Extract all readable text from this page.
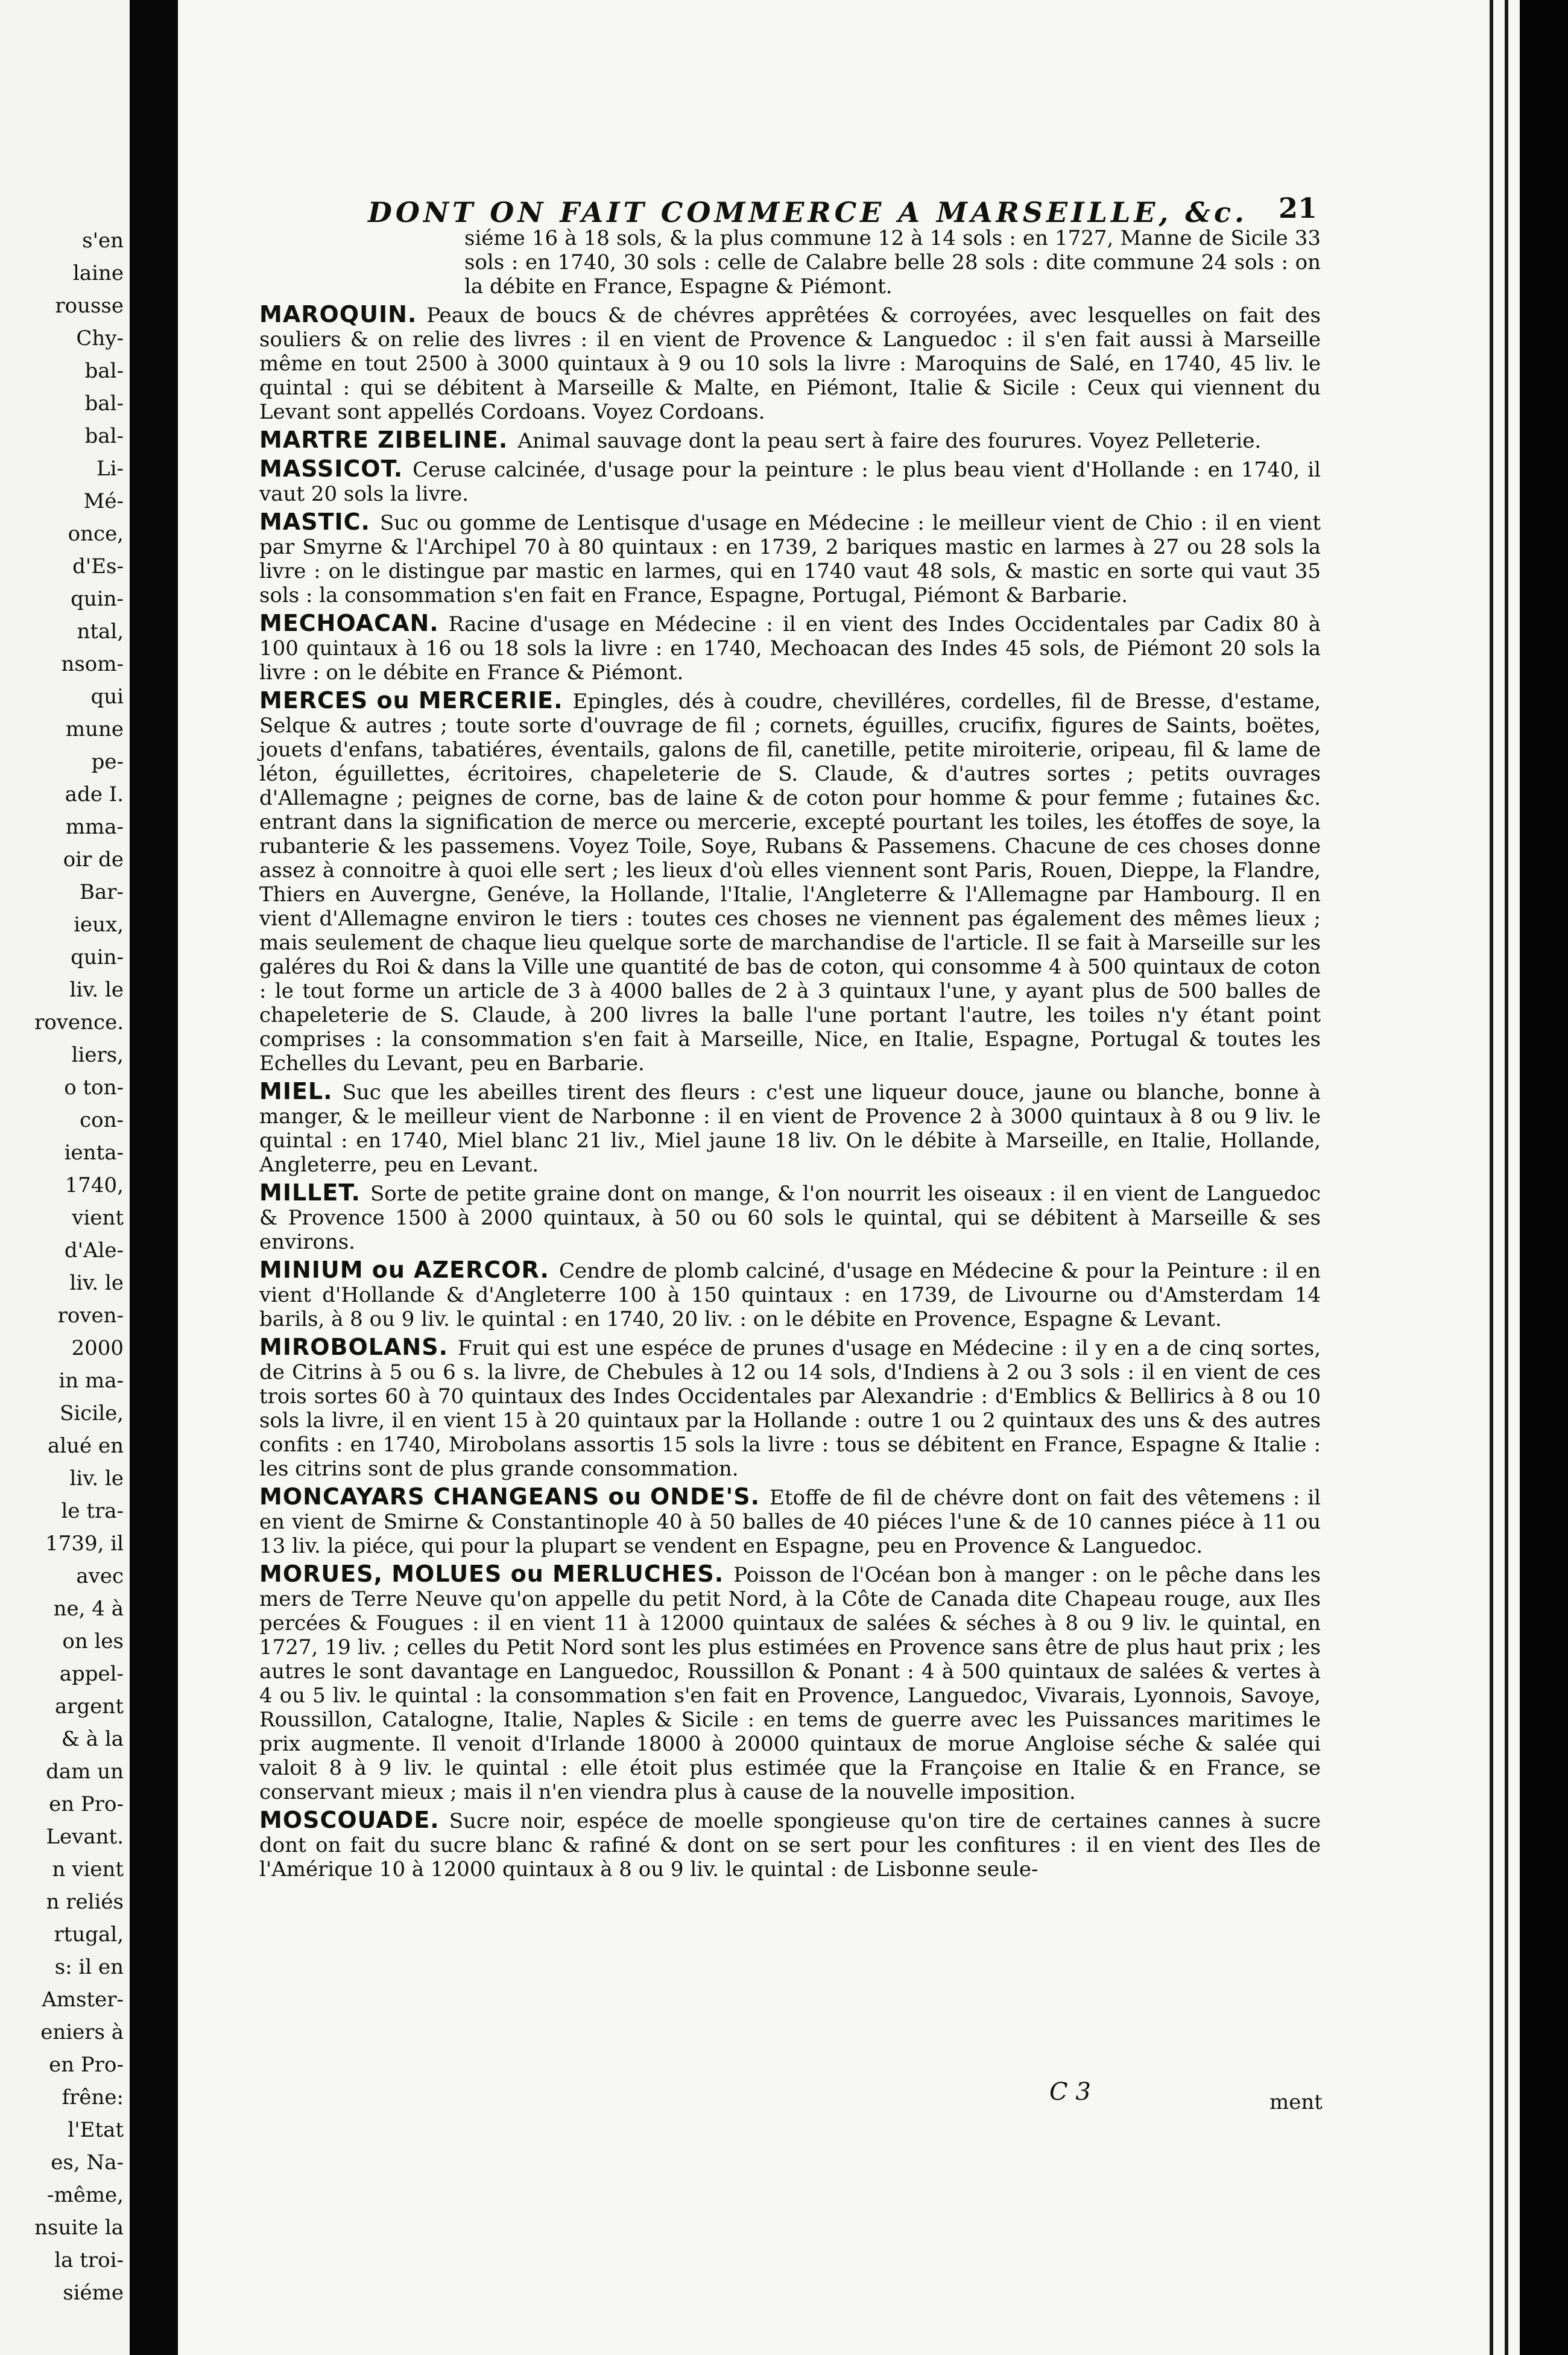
s'en
laine
rousse
Chy-
bal-
bal-
bal-
Li-
Mé-
once,
d'Es-
quin-
ntal,
nsom-
qui
mune
pe-
ade I.
mma-
oir de
Bar-
ieux,
quin-
liv. le
rovence.
liers,
o ton-
con-
ienta-
1740,
vient
d'Ale-
liv. le
roven-
2000
in ma-
Sicile,
alué en
liv. le
le tra-
1739, il
avec
ne, 4 à
on les
appel-
argent
& à la
dam un
en Pro-
Levant.
n vient
n reliés
rtugal,
s: il en
Amster-
eniers à
en Pro-
frêne:
l'Etat
es, Na-
-même,
nsuite la
la troi-
siéme
DONT ON FAIT COMMERCE A MARSEILLE, &c.	21
siéme 16 à 18 sols, & la plus commune 12 à 14 sols : en 1727, Manne de Sicile 33 sols : en 1740, 30 sols : celle de Calabre belle 28 sols : dite commune 24 sols : on la débite en France, Espagne & Piémont.
MAROQUIN. Peaux de boucs & de chévres apprêtées & corroyées, avec lesquelles on fait des souliers & on relie des livres : il en vient de Provence & Languedoc : il s'en fait aussi à Marseille même en tout 2500 à 3000 quintaux à 9 ou 10 sols la livre : Maroquins de Salé, en 1740, 45 liv. le quintal : qui se débitent à Marseille & Malte, en Piémont, Italie & Sicile : Ceux qui viennent du Levant sont appellés Cordoans. Voyez Cordoans.
MARTRE ZIBELINE. Animal sauvage dont la peau sert à faire des fourures. Voyez Pelleterie.
MASSICOT. Ceruse calcinée, d'usage pour la peinture : le plus beau vient d'Hollande : en 1740, il vaut 20 sols la livre.
MASTIC. Suc ou gomme de Lentisque d'usage en Médecine : le meilleur vient de Chio : il en vient par Smyrne & l'Archipel 70 à 80 quintaux : en 1739, 2 bariques mastic en larmes à 27 ou 28 sols la livre : on le distingue par mastic en larmes, qui en 1740 vaut 48 sols, & mastic en sorte qui vaut 35 sols : la consommation s'en fait en France, Espagne, Portugal, Piémont & Barbarie.
MECHOACAN. Racine d'usage en Médecine : il en vient des Indes Occidentales par Cadix 80 à 100 quintaux à 16 ou 18 sols la livre : en 1740, Mechoacan des Indes 45 sols, de Piémont 20 sols la livre : on le débite en France & Piémont.
MERCES ou MERCERIE. Epingles, dés à coudre, chevilléres, cordelles, fil de Bresse, d'estame, Selque & autres ; toute sorte d'ouvrage de fil ; cornets, éguilles, crucifix, figures de Saints, boëtes, jouets d'enfans, tabatiéres, éventails, galons de fil, canetille, petite miroiterie, oripeau, fil & lame de léton, éguillettes, écritoires, chapeleterie de S. Claude, & d'autres sortes ; petits ouvrages d'Allemagne ; peignes de corne, bas de laine & de coton pour homme & pour femme ; futaines &c. entrant dans la signification de merce ou mercerie, excepté pourtant les toiles, les étoffes de soye, la rubanterie & les passemens. Voyez Toile, Soye, Rubans & Passemens. Chacune de ces choses donne assez à connoitre à quoi elle sert ; les lieux d'où elles viennent sont Paris, Rouen, Dieppe, la Flandre, Thiers en Auvergne, Genéve, la Hollande, l'Italie, l'Angleterre & l'Allemagne par Hambourg. Il en vient d'Allemagne environ le tiers : toutes ces choses ne viennent pas également des mêmes lieux ; mais seulement de chaque lieu quelque sorte de marchandise de l'article. Il se fait à Marseille sur les galéres du Roi & dans la Ville une quantité de bas de coton, qui consomme 4 à 500 quintaux de coton : le tout forme un article de 3 à 4000 balles de 2 à 3 quintaux l'une, y ayant plus de 500 balles de chapeleterie de S. Claude, à 200 livres la balle l'une portant l'autre, les toiles n'y étant point comprises : la consommation s'en fait à Marseille, Nice, en Italie, Espagne, Portugal & toutes les Echelles du Levant, peu en Barbarie.
MIEL. Suc que les abeilles tirent des fleurs : c'est une liqueur douce, jaune ou blanche, bonne à manger, & le meilleur vient de Narbonne : il en vient de Provence 2 à 3000 quintaux à 8 ou 9 liv. le quintal : en 1740, Miel blanc 21 liv., Miel jaune 18 liv. On le débite à Marseille, en Italie, Hollande, Angleterre, peu en Levant.
MILLET. Sorte de petite graine dont on mange, & l'on nourrit les oiseaux : il en vient de Languedoc & Provence 1500 à 2000 quintaux, à 50 ou 60 sols le quintal, qui se débitent à Marseille & ses environs.
MINIUM ou AZERCOR. Cendre de plomb calciné, d'usage en Médecine & pour la Peinture : il en vient d'Hollande & d'Angleterre 100 à 150 quintaux : en 1739, de Livourne ou d'Amsterdam 14 barils, à 8 ou 9 liv. le quintal : en 1740, 20 liv. : on le débite en Provence, Espagne & Levant.
MIROBOLANS. Fruit qui est une espéce de prunes d'usage en Médecine : il y en a de cinq sortes, de Citrins à 5 ou 6 s. la livre, de Chebules à 12 ou 14 sols, d'Indiens à 2 ou 3 sols : il en vient de ces trois sortes 60 à 70 quintaux des Indes Occidentales par Alexandrie : d'Emblics & Bellirics à 8 ou 10 sols la livre, il en vient 15 à 20 quintaux par la Hollande : outre 1 ou 2 quintaux des uns & des autres confits : en 1740, Mirobolans assortis 15 sols la livre : tous se débitent en France, Espagne & Italie : les citrins sont de plus grande consommation.
MONCAYARS CHANGEANS ou ONDE'S. Etoffe de fil de chévre dont on fait des vêtemens : il en vient de Smirne & Constantinople 40 à 50 balles de 40 piéces l'une & de 10 cannes piéce à 11 ou 13 liv. la piéce, qui pour la plupart se vendent en Espagne, peu en Provence & Languedoc.
MORUES, MOLUES ou MERLUCHES. Poisson de l'Océan bon à manger : on le pêche dans les mers de Terre Neuve qu'on appelle du petit Nord, à la Côte de Canada dite Chapeau rouge, aux Iles percées & Fougues : il en vient 11 à 12000 quintaux de salées & séches à 8 ou 9 liv. le quintal, en 1727, 19 liv. ; celles du Petit Nord sont les plus estimées en Provence sans être de plus haut prix ; les autres le sont davantage en Languedoc, Roussillon & Ponant : 4 à 500 quintaux de salées & vertes à 4 ou 5 liv. le quintal : la consommation s'en fait en Provence, Languedoc, Vivarais, Lyonnois, Savoye, Roussillon, Catalogne, Italie, Naples & Sicile : en tems de guerre avec les Puissances maritimes le prix augmente. Il venoit d'Irlande 18000 à 20000 quintaux de morue Angloise séche & salée qui valoit 8 à 9 liv. le quintal : elle étoit plus estimée que la Françoise en Italie & en France, se conservant mieux ; mais il n'en viendra plus à cause de la nouvelle imposition.
MOSCOUADE. Sucre noir, espéce de moelle spongieuse qu'on tire de certaines cannes à sucre dont on fait du sucre blanc & rafiné & dont on se sert pour les confitures : il en vient des Iles de l'Amérique 10 à 12000 quintaux à 8 ou 9 liv. le quintal : de Lisbonne seule-
C 3	ment
